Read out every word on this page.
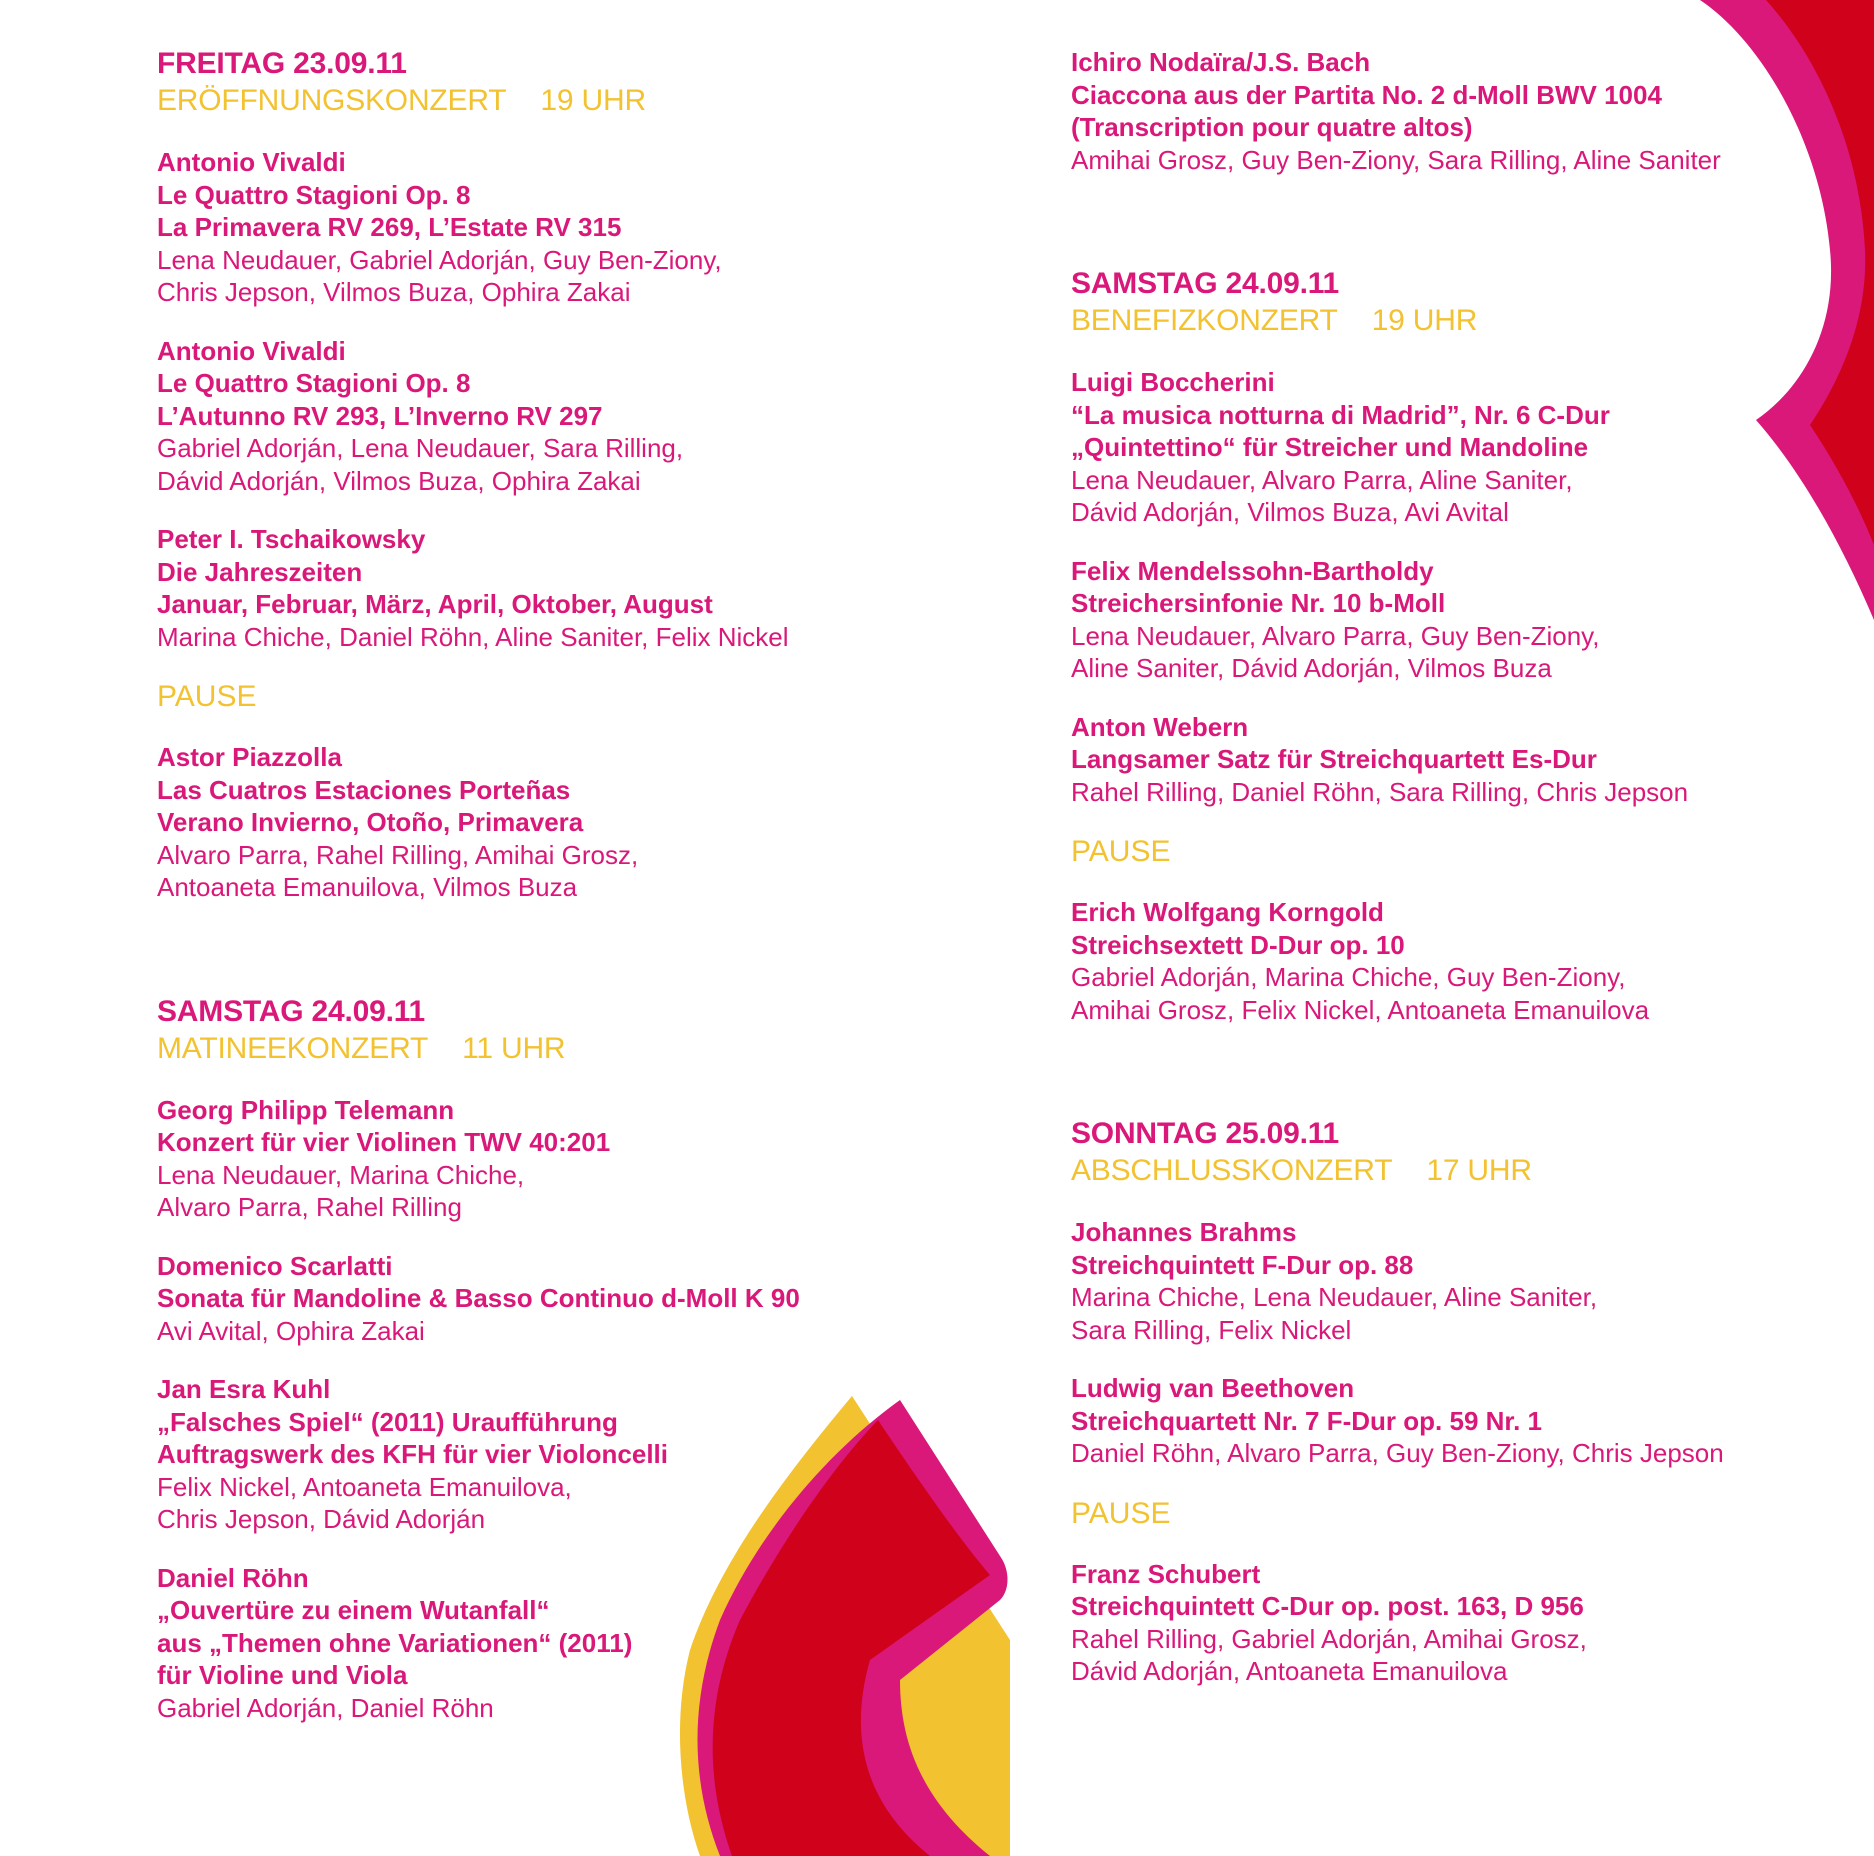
FREITAG 23.09.11
ERÖFFNUNGSKONZERT 19 UHR
Antonio Vivaldi
Le Quattro Stagioni Op. 8
La Primavera RV 269, L’Estate RV 315
Lena Neudauer, Gabriel Adorján, Guy Ben-Ziony,
Chris Jepson, Vilmos Buza, Ophira Zakai
Antonio Vivaldi
Le Quattro Stagioni Op. 8
L’Autunno RV 293, L’Inverno RV 297
Gabriel Adorján, Lena Neudauer, Sara Rilling,
Dávid Adorján, Vilmos Buza, Ophira Zakai
Peter I. Tschaikowsky
Die Jahreszeiten
Januar, Februar, März, April, Oktober, August
Marina Chiche, Daniel Röhn, Aline Saniter, Felix Nickel
PAUSE
Astor Piazzolla
Las Cuatros Estaciones Porteñas
Verano Invierno, Otoño, Primavera
Alvaro Parra, Rahel Rilling, Amihai Grosz,
Antoaneta Emanuilova, Vilmos Buza
SAMSTAG 24.09.11
MATINEEKONZERT 11 UHR
Georg Philipp Telemann
Konzert für vier Violinen TWV 40:201
Lena Neudauer, Marina Chiche,
Alvaro Parra, Rahel Rilling
Domenico Scarlatti
Sonata für Mandoline & Basso Continuo d-Moll K 90
Avi Avital, Ophira Zakai
Jan Esra Kuhl
„Falsches Spiel“ (2011) Uraufführung
Auftragswerk des KFH für vier Violoncelli
Felix Nickel, Antoaneta Emanuilova,
Chris Jepson, Dávid Adorján
Daniel Röhn
„Ouvertüre zu einem Wutanfall“
aus „Themen ohne Variationen“ (2011)
für Violine und Viola
Gabriel Adorján, Daniel Röhn
Ichiro Nodaïra/J.S. Bach
Ciaccona aus der Partita No. 2 d-Moll BWV 1004
(Transcription pour quatre altos)
Amihai Grosz, Guy Ben-Ziony, Sara Rilling, Aline Saniter
SAMSTAG 24.09.11
BENEFIZKONZERT 19 UHR
Luigi Boccherini
“La musica notturna di Madrid”, Nr. 6 C-Dur
„Quintettino“ für Streicher und Mandoline
Lena Neudauer, Alvaro Parra, Aline Saniter,
Dávid Adorján, Vilmos Buza, Avi Avital
Felix Mendelssohn-Bartholdy
Streichersinfonie Nr. 10 b-Moll
Lena Neudauer, Alvaro Parra, Guy Ben-Ziony,
Aline Saniter, Dávid Adorján, Vilmos Buza
Anton Webern
Langsamer Satz für Streichquartett Es-Dur
Rahel Rilling, Daniel Röhn, Sara Rilling, Chris Jepson
PAUSE
Erich Wolfgang Korngold
Streichsextett D-Dur op. 10
Gabriel Adorján, Marina Chiche, Guy Ben-Ziony,
Amihai Grosz, Felix Nickel, Antoaneta Emanuilova
SONNTAG 25.09.11
ABSCHLUSSKONZERT 17 UHR
Johannes Brahms
Streichquintett F-Dur op. 88
Marina Chiche, Lena Neudauer, Aline Saniter,
Sara Rilling, Felix Nickel
Ludwig van Beethoven
Streichquartett Nr. 7 F-Dur op. 59 Nr. 1
Daniel Röhn, Alvaro Parra, Guy Ben-Ziony, Chris Jepson
PAUSE
Franz Schubert
Streichquintett C-Dur op. post. 163, D 956
Rahel Rilling, Gabriel Adorján, Amihai Grosz,
Dávid Adorján, Antoaneta Emanuilova
